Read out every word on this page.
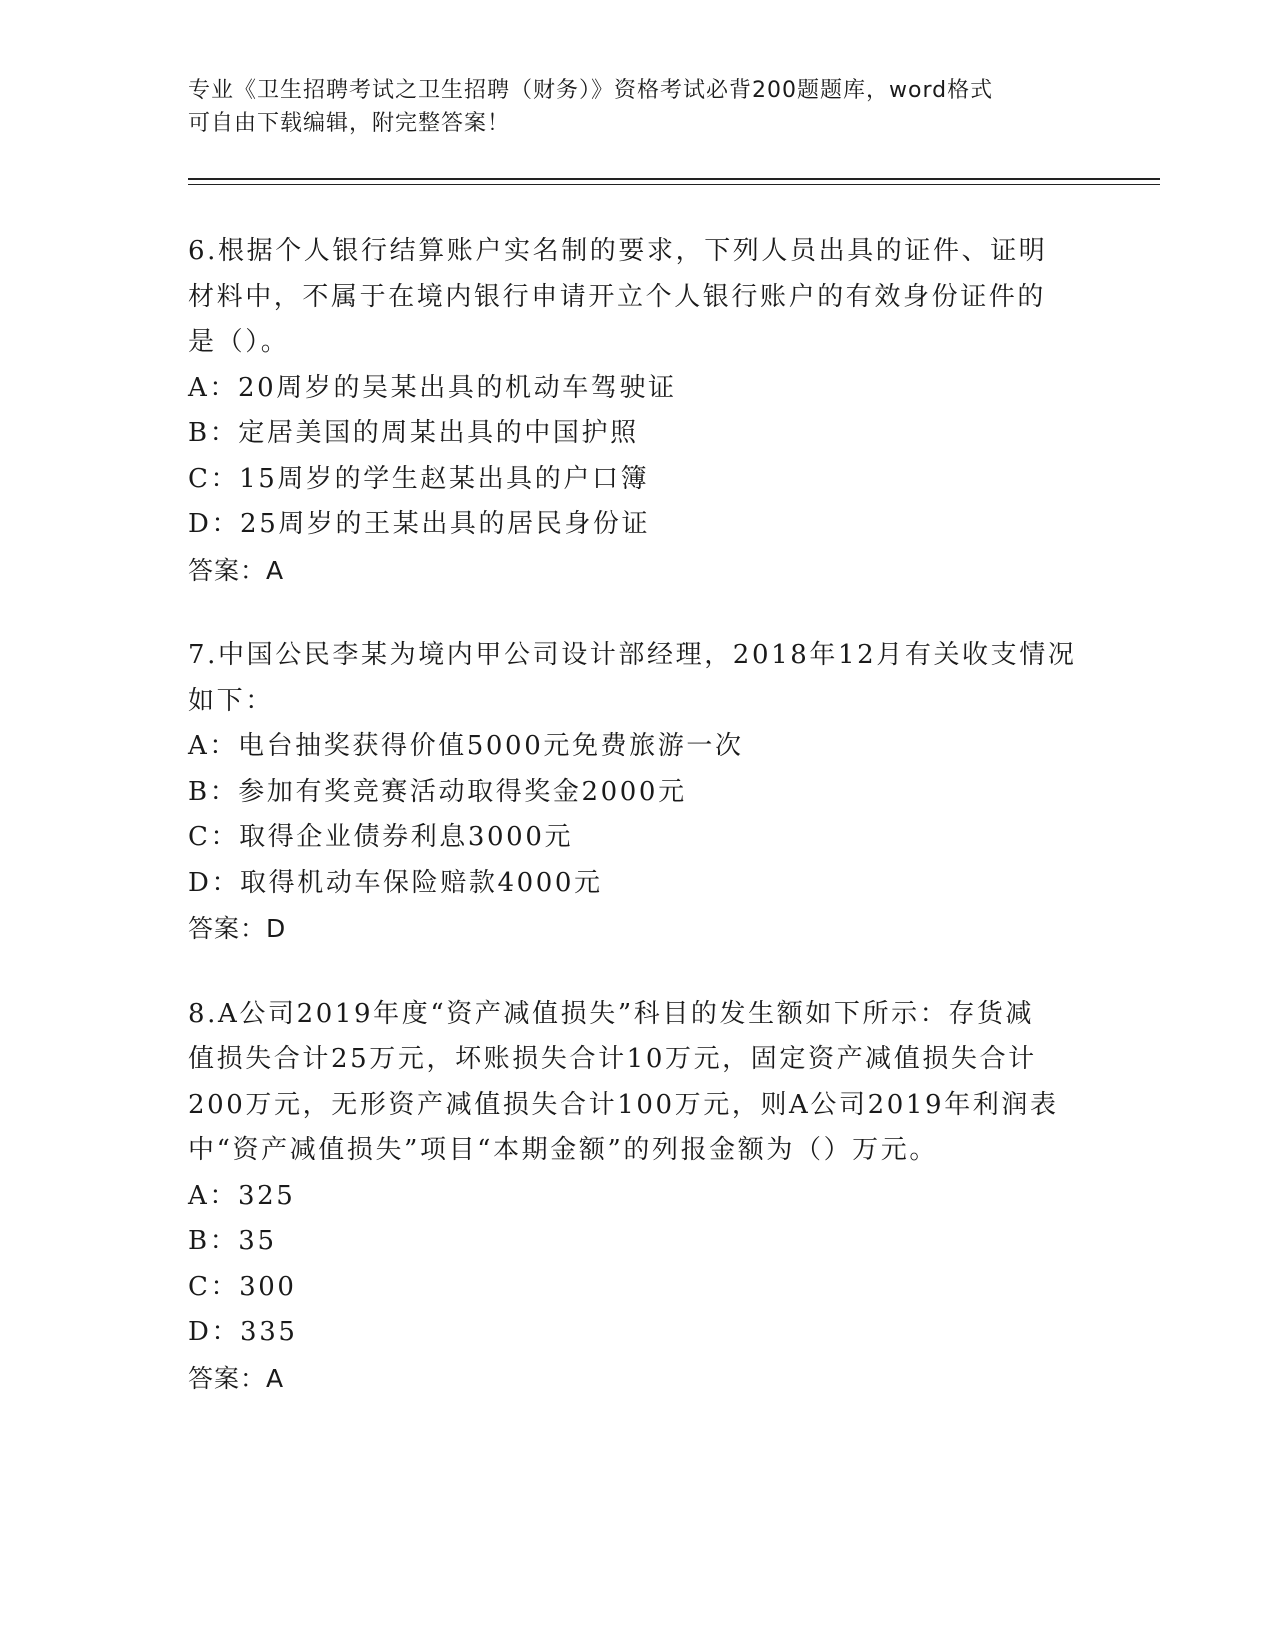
专业《卫生招聘考试之卫生招聘（财务）》资格考试必背200题题库，word格式
可自由下载编辑，附完整答案！
6.根据个人银行结算账户实名制的要求，下列人员出具的证件、证明
材料中，不属于在境内银行申请开立个人银行账户的有效身份证件的
是（）。
A：20周岁的吴某出具的机动车驾驶证
B：定居美国的周某出具的中国护照
C：15周岁的学生赵某出具的户口簿
D：25周岁的王某出具的居民身份证
答案：A
7.中国公民李某为境内甲公司设计部经理，2018年12月有关收支情况
如下：
A：电台抽奖获得价值5000元免费旅游一次
B：参加有奖竞赛活动取得奖金2000元
C：取得企业债券利息3000元
D：取得机动车保险赔款4000元
答案：D
8.A公司2019年度“资产减值损失”科目的发生额如下所示：存货减
值损失合计25万元，坏账损失合计10万元，固定资产减值损失合计
200万元，无形资产减值损失合计100万元，则A公司2019年利润表
中“资产减值损失”项目“本期金额”的列报金额为（）万元。
A：325
B：35
C：300
D：335
答案：A
